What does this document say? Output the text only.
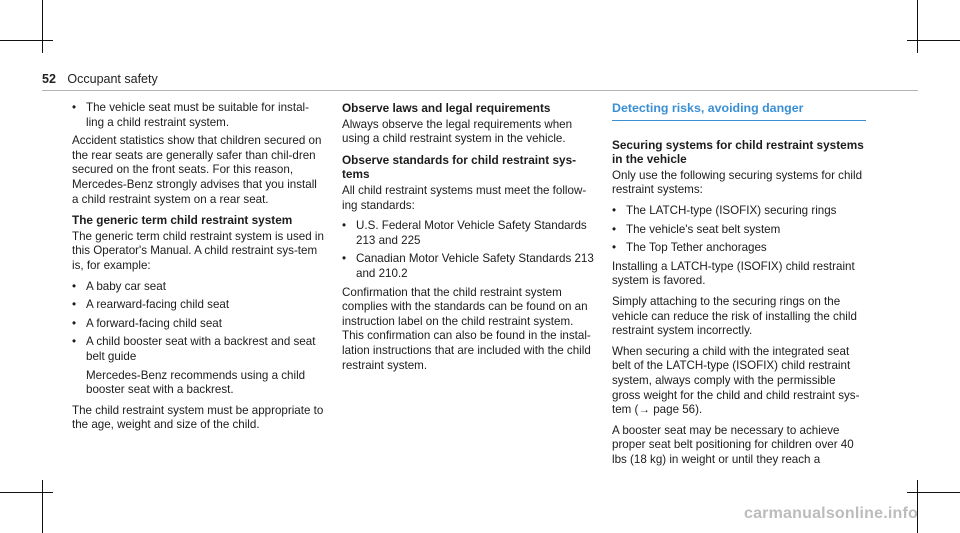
52 Occupant safety
• The vehicle seat must be suitable for instal-ling a child restraint system.

Accident statistics show that children secured on the rear seats are generally safer than chil-dren secured on the front seats. For this reason, Mercedes-Benz strongly advises that you install a child restraint system on a rear seat.

The generic term child restraint system

The generic term child restraint system is used in this Operator's Manual. A child restraint sys-tem is, for example:

• A baby car seat
• A rearward-facing child seat
• A forward-facing child seat
• A child booster seat with a backrest and seat belt guide

Mercedes-Benz recommends using a child booster seat with a backrest.

The child restraint system must be appropriate to the age, weight and size of the child.

Observe laws and legal requirements

Always observe the legal requirements when using a child restraint system in the vehicle.

Observe standards for child restraint sys-tems

All child restraint systems must meet the follow-ing standards:

• U.S. Federal Motor Vehicle Safety Standards 213 and 225
• Canadian Motor Vehicle Safety Standards 213 and 210.2

Confirmation that the child restraint system complies with the standards can be found on an instruction label on the child restraint system. This confirmation can also be found in the instal-lation instructions that are included with the child restraint system.

Detecting risks, avoiding danger
Securing systems for child restraint systems in the vehicle

Only use the following securing systems for child restraint systems:

• The LATCH-type (ISOFIX) securing rings
• The vehicle's seat belt system
• The Top Tether anchorages

Installing a LATCH-type (ISOFIX) child restraint system is favored.

Simply attaching to the securing rings on the vehicle can reduce the risk of installing the child restraint system incorrectly.

When securing a child with the integrated seat belt of the LATCH-type (ISOFIX) child restraint system, always comply with the permissible gross weight for the child and child restraint sys-tem (→ page 56).

A booster seat may be necessary to achieve proper seat belt positioning for children over 40 lbs (18 kg) in weight or until they reach a

carmanualsonline.info
